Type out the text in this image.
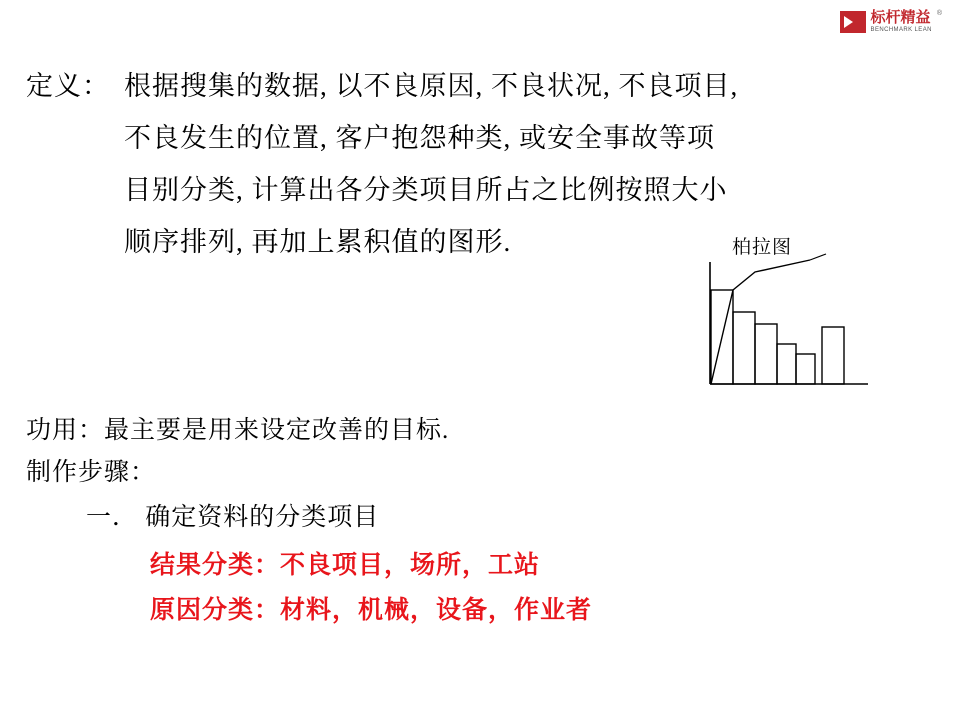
标杆精益
BENCHMARK LEAN
®
定义： 根据搜集的数据, 以不良原因, 不良状况, 不良项目,
不良发生的位置, 客户抱怨种类, 或安全事故等项
目别分类, 计算出各分类项目所占之比例按照大小
顺序排列, 再加上累积值的图形.	柏拉图
功用：最主要是用来设定改善的目标.
制作步骤：
一． 确定资料的分类项目
结果分类：不良项目，场所，工站
原因分类：材料，机械，设备，作业者
